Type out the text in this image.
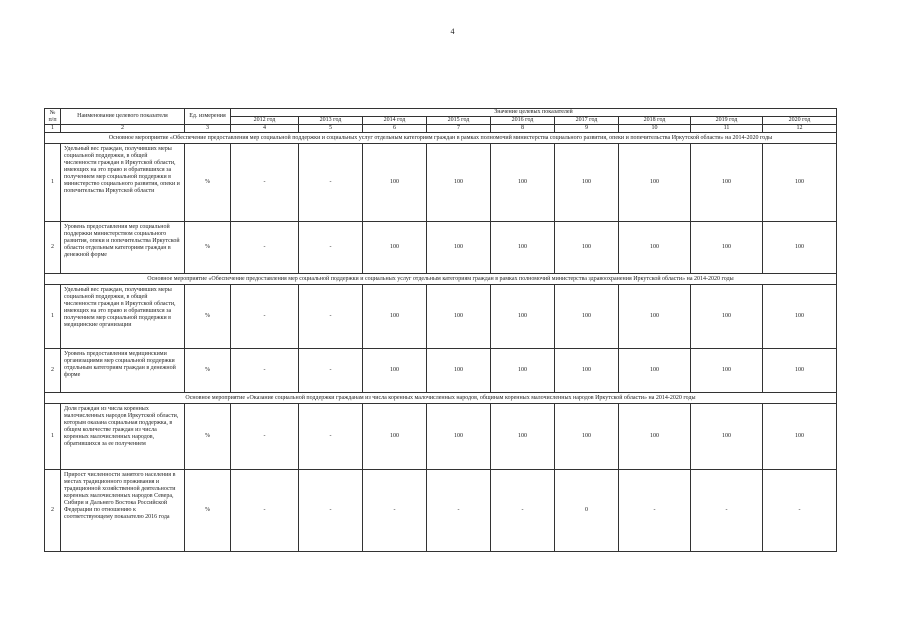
4
№ п/п	Наименование целевого показателя	Ед. измерения	Значение целевых показателей								
			2012 год	2013 год	2014 год	2015 год	2016 год	2017 год	2018 год	2019 год	2020 год
1	2	3	4	5	6	7	8	9	10	11	12
Основное мероприятие «Обеспечение предоставления мер социальной поддержки и социальных услуг отдельным категориям граждан в рамках полномочий министерства социального развития, опеки и попечительства Иркутской области» на 2014-2020 годы											
1	Удельный вес граждан, получивших меры социальной поддержки, в общей численности граждан в Иркутской области, имеющих на это право и обратившихся за получением мер социальной поддержки в министерство социального развития, опеки и попечительства Иркутской области	%	-	-	100	100	100	100	100	100	100
2	Уровень предоставления мер социальной поддержки министерством социального развития, опеки и попечительства Иркутской области отдельным категориям граждан в денежной форме	%	-	-	100	100	100	100	100	100	100
Основное мероприятие «Обеспечение предоставления мер социальной поддержки и социальных услуг отдельным категориям граждан в рамках полномочий министерства здравоохранения Иркутской области» на 2014-2020 годы											
1	Удельный вес граждан, получивших меры социальной поддержки, в общей численности граждан в Иркутской области, имеющих на это право и обратившихся за получением мер социальной поддержки в медицинские организации	%	-	-	100	100	100	100	100	100	100
2	Уровень предоставления медицинскими организациями мер социальной поддержки отдельным категориям граждан в денежной форме	%	-	-	100	100	100	100	100	100	100
Основное мероприятие «Оказание социальной поддержки гражданам из числа коренных малочисленных народов, общинам коренных малочисленных народов Иркутской области» на 2014-2020 годы											
1	Доля граждан из числа коренных малочисленных народов Иркутской области, которым оказана социальная поддержка, в общем количестве граждан из числа коренных малочисленных народов, обратившихся за ее получением	%	-	-	100	100	100	100	100	100	100
2	Прирост численности занятого населения в местах традиционного проживания и традиционной хозяйственной деятельности коренных малочисленных народов Севера, Сибири и Дальнего Востока Российской Федерации по отношению к соответствующему показателю 2016 года	%	-	-	-	-	-	0	-	-	-
